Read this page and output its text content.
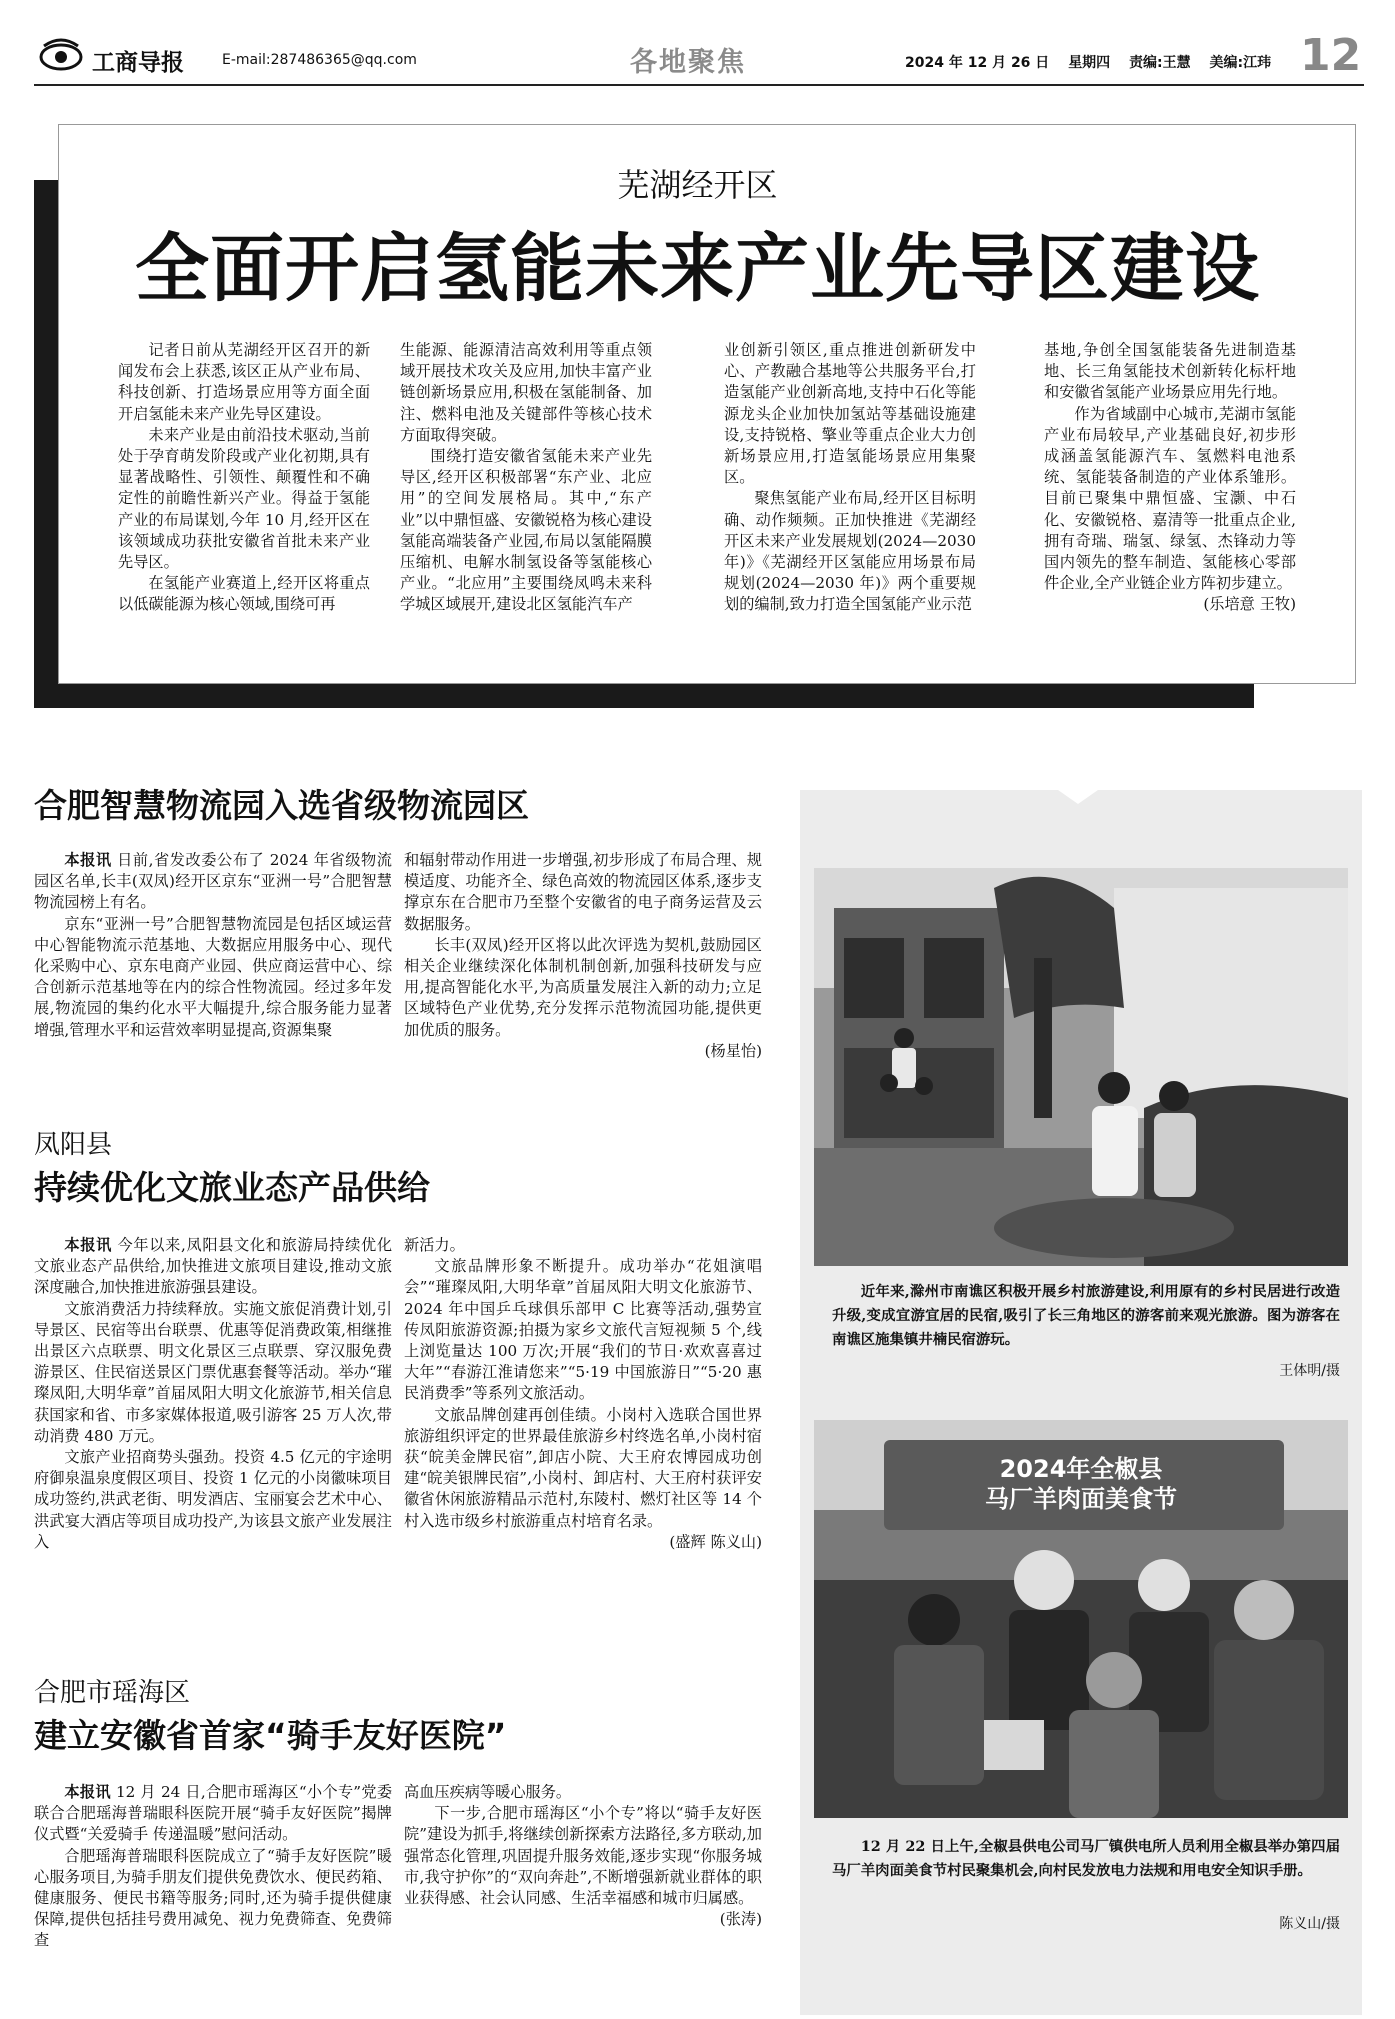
工商导报	E-mail:287486365@qq.com	各地聚焦	2024 年 12 月 26 日 星期四 责编:王慧 美编:江玮 12
芜湖经开区
全面开启氢能未来产业先导区建设

记者日前从芜湖经开区召开的新闻发布会上获悉,该区正从产业布局、科技创新、打造场景应用等方面全面开启氢能未来产业先导区建设。

未来产业是由前沿技术驱动,当前处于孕育萌发阶段或产业化初期,具有显著战略性、引领性、颠覆性和不确定性的前瞻性新兴产业。得益于氢能产业的布局谋划,今年 10 月,经开区在该领域成功获批安徽省首批未来产业先导区。

在氢能产业赛道上,经开区将重点以低碳能源为核心领域,围绕可再

生能源、能源清洁高效利用等重点领域开展技术攻关及应用,加快丰富产业链创新场景应用,积极在氢能制备、加注、燃料电池及关键部件等核心技术方面取得突破。

围绕打造安徽省氢能未来产业先导区,经开区积极部署“东产业、北应用”的空间发展格局。其中,“东产业”以中鼎恒盛、安徽锐格为核心建设氢能高端装备产业园,布局以氢能隔膜压缩机、电解水制氢设备等氢能核心产业。“北应用”主要围绕凤鸣未来科学城区域展开,建设北区氢能汽车产

业创新引领区,重点推进创新研发中心、产教融合基地等公共服务平台,打造氢能产业创新高地,支持中石化等能源龙头企业加快加氢站等基础设施建设,支持锐格、擎业等重点企业大力创新场景应用,打造氢能场景应用集聚区。

聚焦氢能产业布局,经开区目标明确、动作频频。正加快推进《芜湖经开区未来产业发展规划(2024—2030年)》《芜湖经开区氢能应用场景布局规划(2024—2030 年)》两个重要规划的编制,致力打造全国氢能产业示范

基地,争创全国氢能装备先进制造基地、长三角氢能技术创新转化标杆地和安徽省氢能产业场景应用先行地。

作为省域副中心城市,芜湖市氢能产业布局较早,产业基础良好,初步形成涵盖氢能源汽车、氢燃料电池系统、氢能装备制造的产业体系雏形。目前已聚集中鼎恒盛、宝灏、中石化、安徽锐格、嘉清等一批重点企业,拥有奇瑞、瑞氢、绿氢、杰锋动力等国内领先的整车制造、氢能核心零部件企业,全产业链企业方阵初步建立。

(乐培意 王牧)

合肥智慧物流园入选省级物流园区

本报讯 日前,省发改委公布了 2024 年省级物流园区名单,长丰(双凤)经开区京东“亚洲一号”合肥智慧物流园榜上有名。

京东“亚洲一号”合肥智慧物流园是包括区域运营中心智能物流示范基地、大数据应用服务中心、现代化采购中心、京东电商产业园、供应商运营中心、综合创新示范基地等在内的综合性物流园。经过多年发展,物流园的集约化水平大幅提升,综合服务能力显著增强,管理水平和运营效率明显提高,资源集聚

和辐射带动作用进一步增强,初步形成了布局合理、规模适度、功能齐全、绿色高效的物流园区体系,逐步支撑京东在合肥市乃至整个安徽省的电子商务运营及云数据服务。

长丰(双凤)经开区将以此次评选为契机,鼓励园区相关企业继续深化体制机制创新,加强科技研发与应用,提高智能化水平,为高质量发展注入新的动力;立足区域特色产业优势,充分发挥示范物流园功能,提供更加优质的服务。

(杨星怡)

凤阳县
持续优化文旅业态产品供给

本报讯 今年以来,凤阳县文化和旅游局持续优化文旅业态产品供给,加快推进文旅项目建设,推动文旅深度融合,加快推进旅游强县建设。

文旅消费活力持续释放。实施文旅促消费计划,引导景区、民宿等出台联票、优惠等促消费政策,相继推出景区六点联票、明文化景区三点联票、穿汉服免费游景区、住民宿送景区门票优惠套餐等活动。举办“璀璨凤阳,大明华章”首届凤阳大明文化旅游节,相关信息获国家和省、市多家媒体报道,吸引游客 25 万人次,带动消费 480 万元。

文旅产业招商势头强劲。投资 4.5 亿元的宇途明府御泉温泉度假区项目、投资 1 亿元的小岗徽味项目成功签约,洪武老街、明发酒店、宝丽宴会艺术中心、洪武宴大酒店等项目成功投产,为该县文旅产业发展注入

新活力。

文旅品牌形象不断提升。成功举办“花姐演唱会”“璀璨凤阳,大明华章”首届凤阳大明文化旅游节、2024 年中国乒乓球俱乐部甲 C 比赛等活动,强势宣传凤阳旅游资源;拍摄为家乡文旅代言短视频 5 个,线上浏览量达 100 万次;开展“我们的节日·欢欢喜喜过大年”“春游江淮请您来”“5·19 中国旅游日”“5·20 惠民消费季”等系列文旅活动。

文旅品牌创建再创佳绩。小岗村入选联合国世界旅游组织评定的世界最佳旅游乡村终选名单,小岗村宿获“皖美金牌民宿”,卸店小院、大王府农博园成功创建“皖美银牌民宿”,小岗村、卸店村、大王府村获评安徽省休闲旅游精品示范村,东陵村、燃灯社区等 14 个村入选市级乡村旅游重点村培育名录。

(盛辉 陈义山)

合肥市瑶海区
建立安徽省首家“骑手友好医院”

本报讯 12 月 24 日,合肥市瑶海区“小个专”党委联合合肥瑶海普瑞眼科医院开展“骑手友好医院”揭牌仪式暨“关爱骑手 传递温暖”慰问活动。

合肥瑶海普瑞眼科医院成立了“骑手友好医院”暖心服务项目,为骑手朋友们提供免费饮水、便民药箱、健康服务、便民书籍等服务;同时,还为骑手提供健康保障,提供包括挂号费用减免、视力免费筛查、免费筛查

高血压疾病等暖心服务。

下一步,合肥市瑶海区“小个专”将以“骑手友好医院”建设为抓手,将继续创新探索方法路径,多方联动,加强常态化管理,巩固提升服务效能,逐步实现“你服务城市,我守护你”的“双向奔赴”,不断增强新就业群体的职业获得感、社会认同感、生活幸福感和城市归属感。

(张涛)

近年来,滁州市南谯区积极开展乡村旅游建设,利用原有的乡村民居进行改造升级,变成宜游宜居的民宿,吸引了长三角地区的游客前来观光旅游。图为游客在南谯区施集镇井楠民宿游玩。

王体明/摄
2024年全椒县
马厂羊肉面美食节

12 月 22 日上午,全椒县供电公司马厂镇供电所人员利用全椒县举办第四届马厂羊肉面美食节村民聚集机会,向村民发放电力法规和用电安全知识手册。

陈义山/摄
